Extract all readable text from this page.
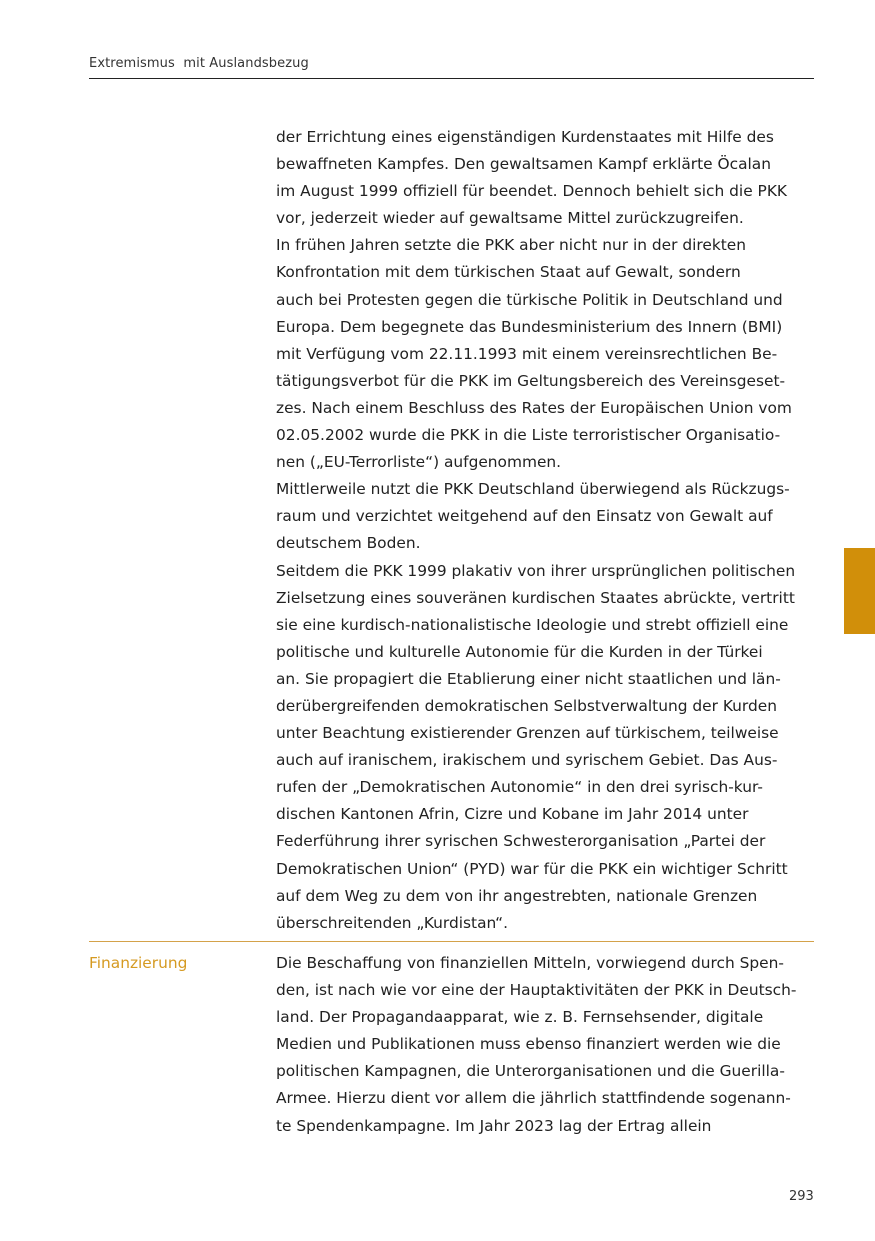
Extremismus  mit Auslandsbezug
der Errichtung eines eigenständigen Kurdenstaates mit Hilfe des
bewaffneten Kampfes. Den gewaltsamen Kampf erklärte Öcalan
im August 1999 offiziell für beendet. Dennoch behielt sich die PKK
vor, jederzeit wieder auf gewaltsame Mittel zurückzugreifen.
In frühen Jahren setzte die PKK aber nicht nur in der direkten
Konfrontation mit dem türkischen Staat auf Gewalt, sondern
auch bei Protesten gegen die türkische Politik in Deutschland und
Europa. Dem begegnete das Bundesministerium des Innern (BMI)
mit Verfügung vom 22.11.1993 mit einem vereinsrechtlichen Be-
tätigungsverbot für die PKK im Geltungsbereich des Vereinsgeset-
zes. Nach einem Beschluss des Rates der Europäischen Union vom
02.05.2002 wurde die PKK in die Liste terroristischer Organisatio-
nen („EU-Terrorliste“) aufgenommen.
Mittlerweile nutzt die PKK Deutschland überwiegend als Rückzugs-
raum und verzichtet weitgehend auf den Einsatz von Gewalt auf
deutschem Boden.
Seitdem die PKK 1999 plakativ von ihrer ursprünglichen politischen
Zielsetzung eines souveränen kurdischen Staates abrückte, vertritt
sie eine kurdisch-nationalistische Ideologie und strebt offiziell eine
politische und kulturelle Autonomie für die Kurden in der Türkei
an. Sie propagiert die Etablierung einer nicht staatlichen und län-
derübergreifenden demokratischen Selbstverwaltung der Kurden
unter Beachtung existierender Grenzen auf türkischem, teilweise
auch auf iranischem, irakischem und syrischem Gebiet. Das Aus-
rufen der „Demokratischen Autonomie“ in den drei syrisch-kur-
dischen Kantonen Afrin, Cizre und Kobane im Jahr 2014 unter
Federführung ihrer syrischen Schwesterorganisation „Partei der
Demokratischen Union“ (PYD) war für die PKK ein wichtiger Schritt
auf dem Weg zu dem von ihr angestrebten, nationale Grenzen
überschreitenden „Kurdistan“.
Finanzierung	Die Beschaffung von finanziellen Mitteln, vorwiegend durch Spen-
den, ist nach wie vor eine der Hauptaktivitäten der PKK in Deutsch-
land. Der Propagandaapparat, wie z. B. Fernsehsender, digitale
Medien und Publikationen muss ebenso finanziert werden wie die
politischen Kampagnen, die Unterorganisationen und die Guerilla-
Armee. Hierzu dient vor allem die jährlich stattfindende sogenann-
te Spendenkampagne. Im Jahr 2023 lag der Ertrag allein
293
